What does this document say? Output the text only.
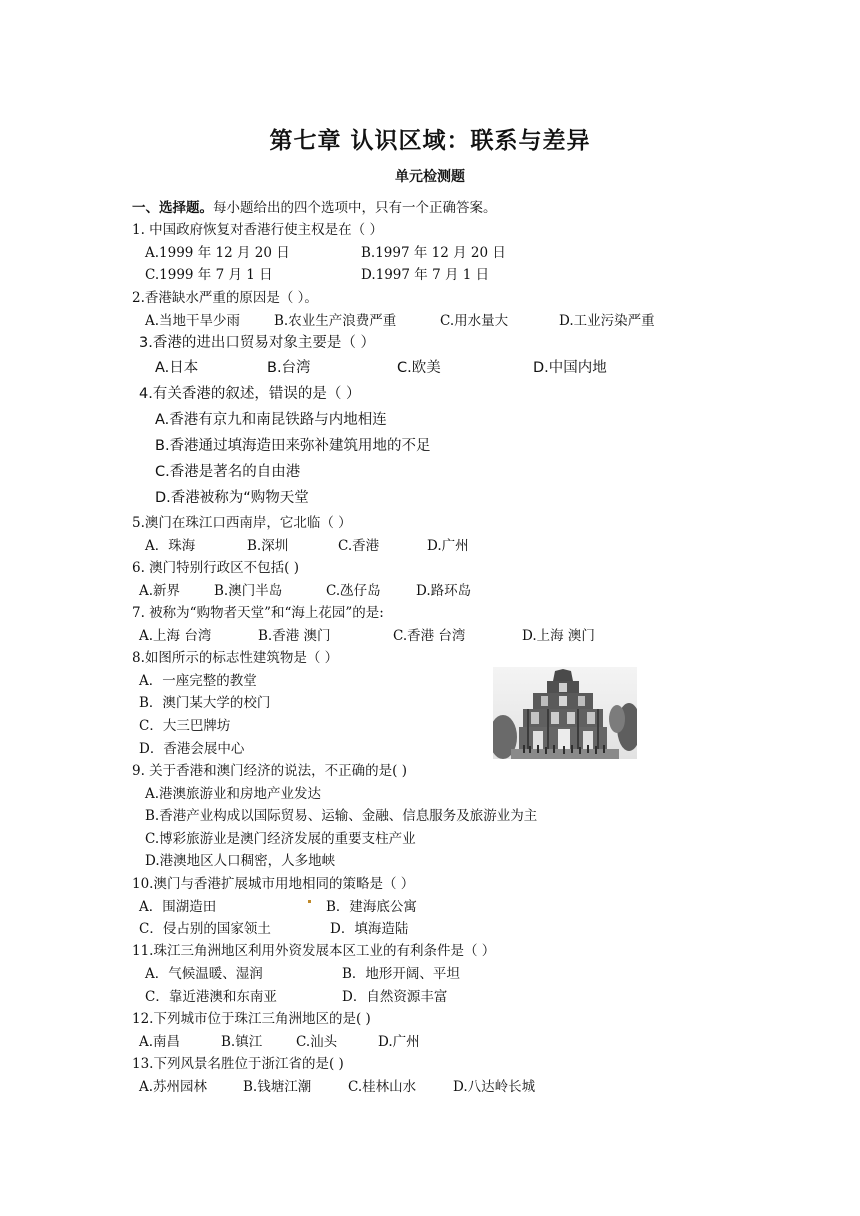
第七章 认识区域：联系与差异
单元检测题
一、选择题。每小题给出的四个选项中，只有一个正确答案。
1. 中国政府恢复对香港行使主权是在（ ）
A.1999 年 12 月 20 日	B.1997 年 12 月 20 日
C.1999 年 7 月 1 日	D.1997 年 7 月 1 日
2.香港缺水严重的原因是（ ）。
A.当地干旱少雨	B.农业生产浪费严重	C.用水量大	D.工业污染严重
3.香港的进出口贸易对象主要是（ ）
A.日本	B.台湾	C.欧美	D.中国内地
4.有关香港的叙述，错误的是（ ）
A.香港有京九和南昆铁路与内地相连
B.香港通过填海造田来弥补建筑用地的不足
C.香港是著名的自由港
D.香港被称为“购物天堂
5.澳门在珠江口西南岸，它北临（ ）
A．珠海	B.深圳	C.香港	D.广州
6. 澳门特别行政区不包括( )
A.新界	B.澳门半岛	C.氹仔岛	D.路环岛
7. 被称为“购物者天堂”和“海上花园”的是:
A.上海 台湾	B.香港 澳门	C.香港 台湾	D.上海 澳门
8.如图所示的标志性建筑物是（ ）
A．一座完整的教堂
B．澳门某大学的校门
C．大三巴牌坊
D．香港会展中心
9. 关于香港和澳门经济的说法，不正确的是( )
A.港澳旅游业和房地产业发达
B.香港产业构成以国际贸易、运输、金融、信息服务及旅游业为主
C.博彩旅游业是澳门经济发展的重要支柱产业
D.港澳地区人口稠密，人多地峡
10.澳门与香港扩展城市用地相同的策略是（ ）
A．围湖造田	B．建海底公寓
C．侵占别的国家领土	D．填海造陆
11.珠江三角洲地区利用外资发展本区工业的有利条件是（ ）
A．气候温暖、湿润	B．地形开阔、平坦
C．靠近港澳和东南亚	D．自然资源丰富
12.下列城市位于珠江三角洲地区的是( )
A.南昌	B.镇江	C.汕头	D.广州
13.下列风景名胜位于浙江省的是( )
A.苏州园林	B.钱塘江潮	C.桂林山水	D.八达岭长城
